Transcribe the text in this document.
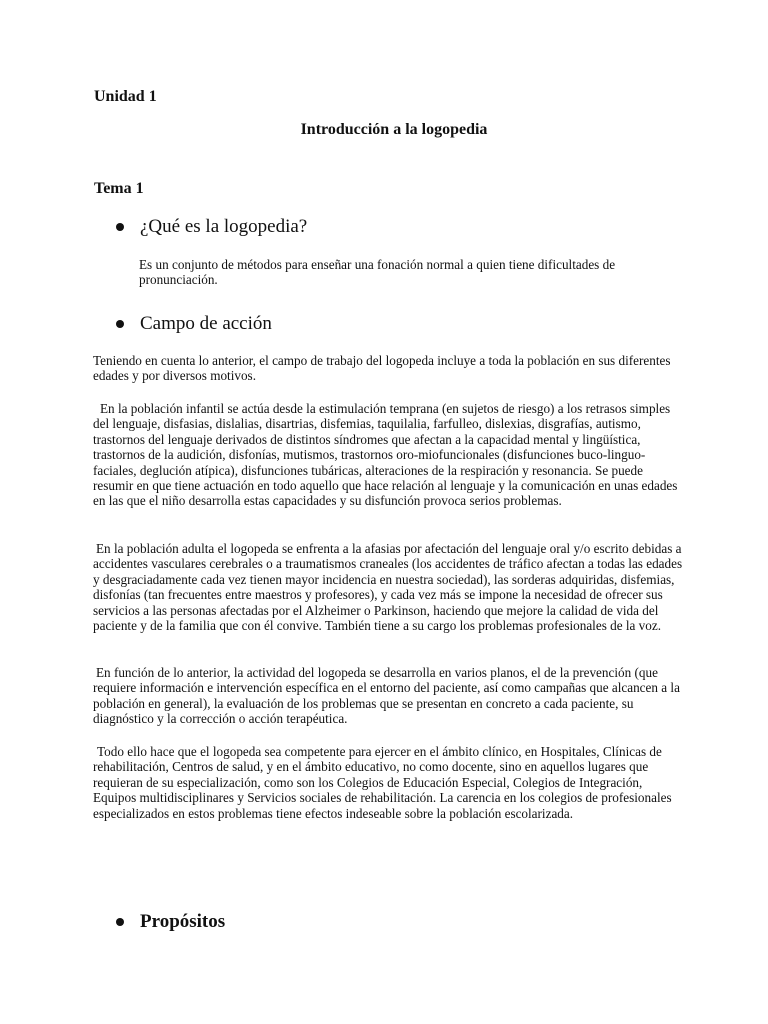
Unidad 1
Introducción a la logopedia
Tema 1
¿Qué es la logopedia?
Es un conjunto de métodos para enseñar una fonación normal a quien tiene dificultades de pronunciación.
Campo de acción
Teniendo en cuenta lo anterior, el campo de trabajo del logopeda incluye a toda la población en sus diferentes edades y por diversos motivos.
En la población infantil se actúa desde la estimulación temprana (en sujetos de riesgo) a los retrasos simples del lenguaje, disfasias, dislalias, disartrias, disfemias, taquilalia, farfulleo, dislexias, disgrafías, autismo, trastornos del lenguaje derivados de distintos síndromes que afectan a la capacidad mental y lingüística, trastornos de la audición, disfonías, mutismos, trastornos oro-miofuncionales (disfunciones buco-linguo-faciales, deglución atípica), disfunciones tubáricas, alteraciones de la respiración y resonancia. Se puede resumir en que tiene actuación en todo aquello que hace relación al lenguaje y la comunicación en unas edades en las que el niño desarrolla estas capacidades y su disfunción provoca serios problemas.
En la población adulta el logopeda se enfrenta a la afasias por afectación del lenguaje oral y/o escrito debidas a accidentes vasculares cerebrales o a traumatismos craneales (los accidentes de tráfico afectan a todas las edades y desgraciadamente cada vez tienen mayor incidencia en nuestra sociedad), las sorderas adquiridas, disfemias, disfonías (tan frecuentes entre maestros y profesores), y cada vez más se impone la necesidad de ofrecer sus servicios a las personas afectadas por el Alzheimer o Parkinson, haciendo que mejore la calidad de vida del paciente y de la familia que con él convive. También tiene a su cargo los problemas profesionales de la voz.
En función de lo anterior, la actividad del logopeda se desarrolla en varios planos, el de la prevención (que requiere información e intervención específica en el entorno del paciente, así como campañas que alcancen a la población en general), la evaluación de los problemas que se presentan en concreto a cada paciente, su diagnóstico y la corrección o acción terapéutica.
Todo ello hace que el logopeda sea competente para ejercer en el ámbito clínico, en Hospitales, Clínicas de rehabilitación, Centros de salud, y en el ámbito educativo, no como docente, sino en aquellos lugares que requieran de su especialización, como son los Colegios de Educación Especial, Colegios de Integración, Equipos multidisciplinares y Servicios sociales de rehabilitación. La carencia en los colegios de profesionales especializados en estos problemas tiene efectos indeseable sobre la población escolarizada.
Propósitos
